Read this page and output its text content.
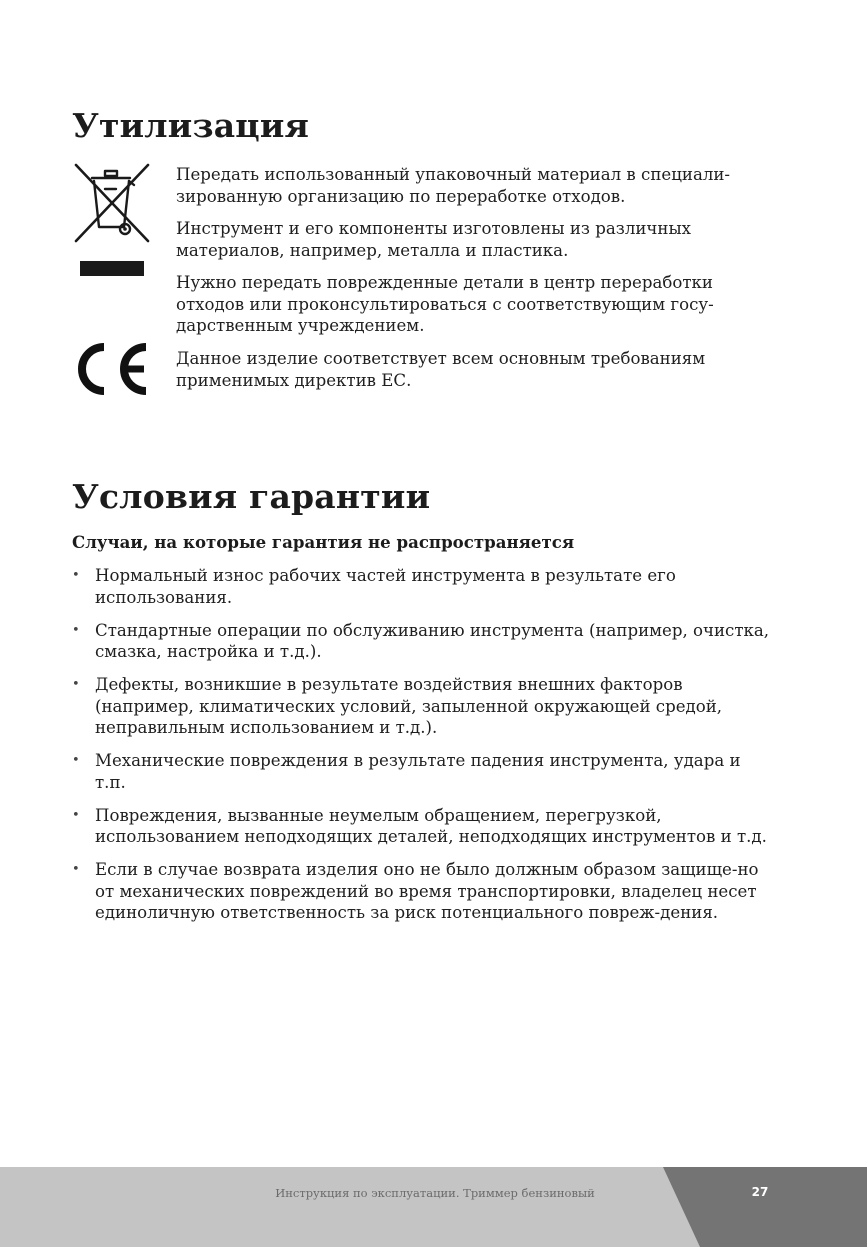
Утилизация

Передать использованный упаковочный материал в специали-зированную организацию по переработке отходов.

Инструмент и его компоненты изготовлены из различных материалов, например, металла и пластика.

Нужно передать поврежденные детали в центр переработки отходов или проконсультироваться с соответствующим госу-дарственным учреждением.

Данное изделие соответствует всем основным требованиям применимых директив ЕС.

Условия гарантии

Случаи, на которые гарантия не распространяется

• Нормальный износ рабочих частей инструмента в результате его использования.
• Стандартные операции по обслуживанию инструмента (например, очистка, смазка, настройка и т.д.).
• Дефекты, возникшие в результате воздействия внешних факторов (например, климатических условий, запыленной окружающей средой, неправильным использованием и т.д.).
• Механические повреждения в результате падения инструмента, удара и т.п.
• Повреждения, вызванные неумелым обращением, перегрузкой, использованием неподходящих деталей, неподходящих инструментов и т.д.
• Если в случае возврата изделия оно не было должным образом защище-но от механических повреждений во время транспортировки, владелец несет единоличную ответственность за риск потенциального повреж-дения.
Инструкция по эксплуатации. Триммер бензиновый	27
